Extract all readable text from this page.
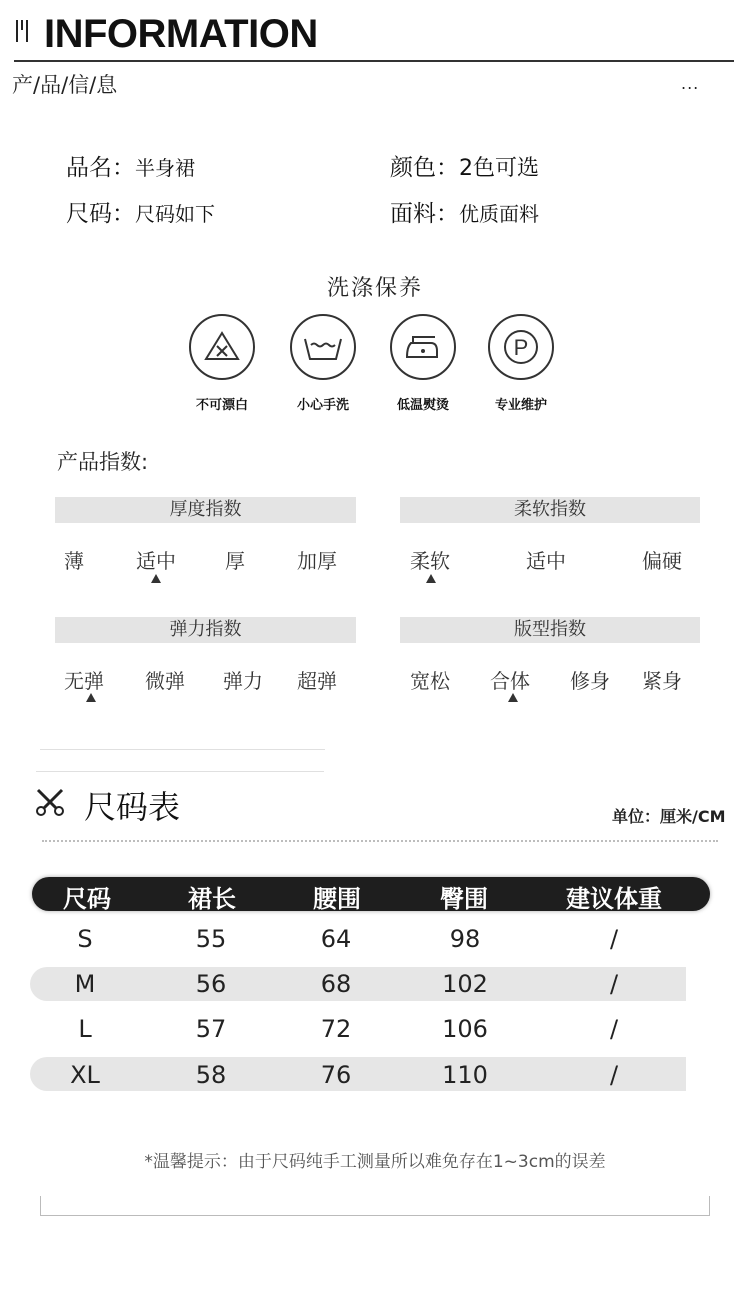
INFORMATION
产/品/信/息	...
品名：半身裙	颜色：2色可选
尺码：尺码如下	面料：优质面料
洗涤保养
不可漂白	小心手洗	低温熨烫
P
专业维护
产品指数:
厚度指数
薄	适中	厚	加厚
柔软指数
柔软	适中	偏硬
弹力指数
无弹	微弹	弹力	超弹
版型指数
宽松	合体	修身	紧身
尺码表	单位：厘米/CM
尺码	裙长	腰围	臀围	建议体重
S	55	64	98	/
M	56	68	102	/
L	57	72	106	/
XL	58	76	110	/
*温馨提示：由于尺码纯手工测量所以难免存在1~3cm的误差
